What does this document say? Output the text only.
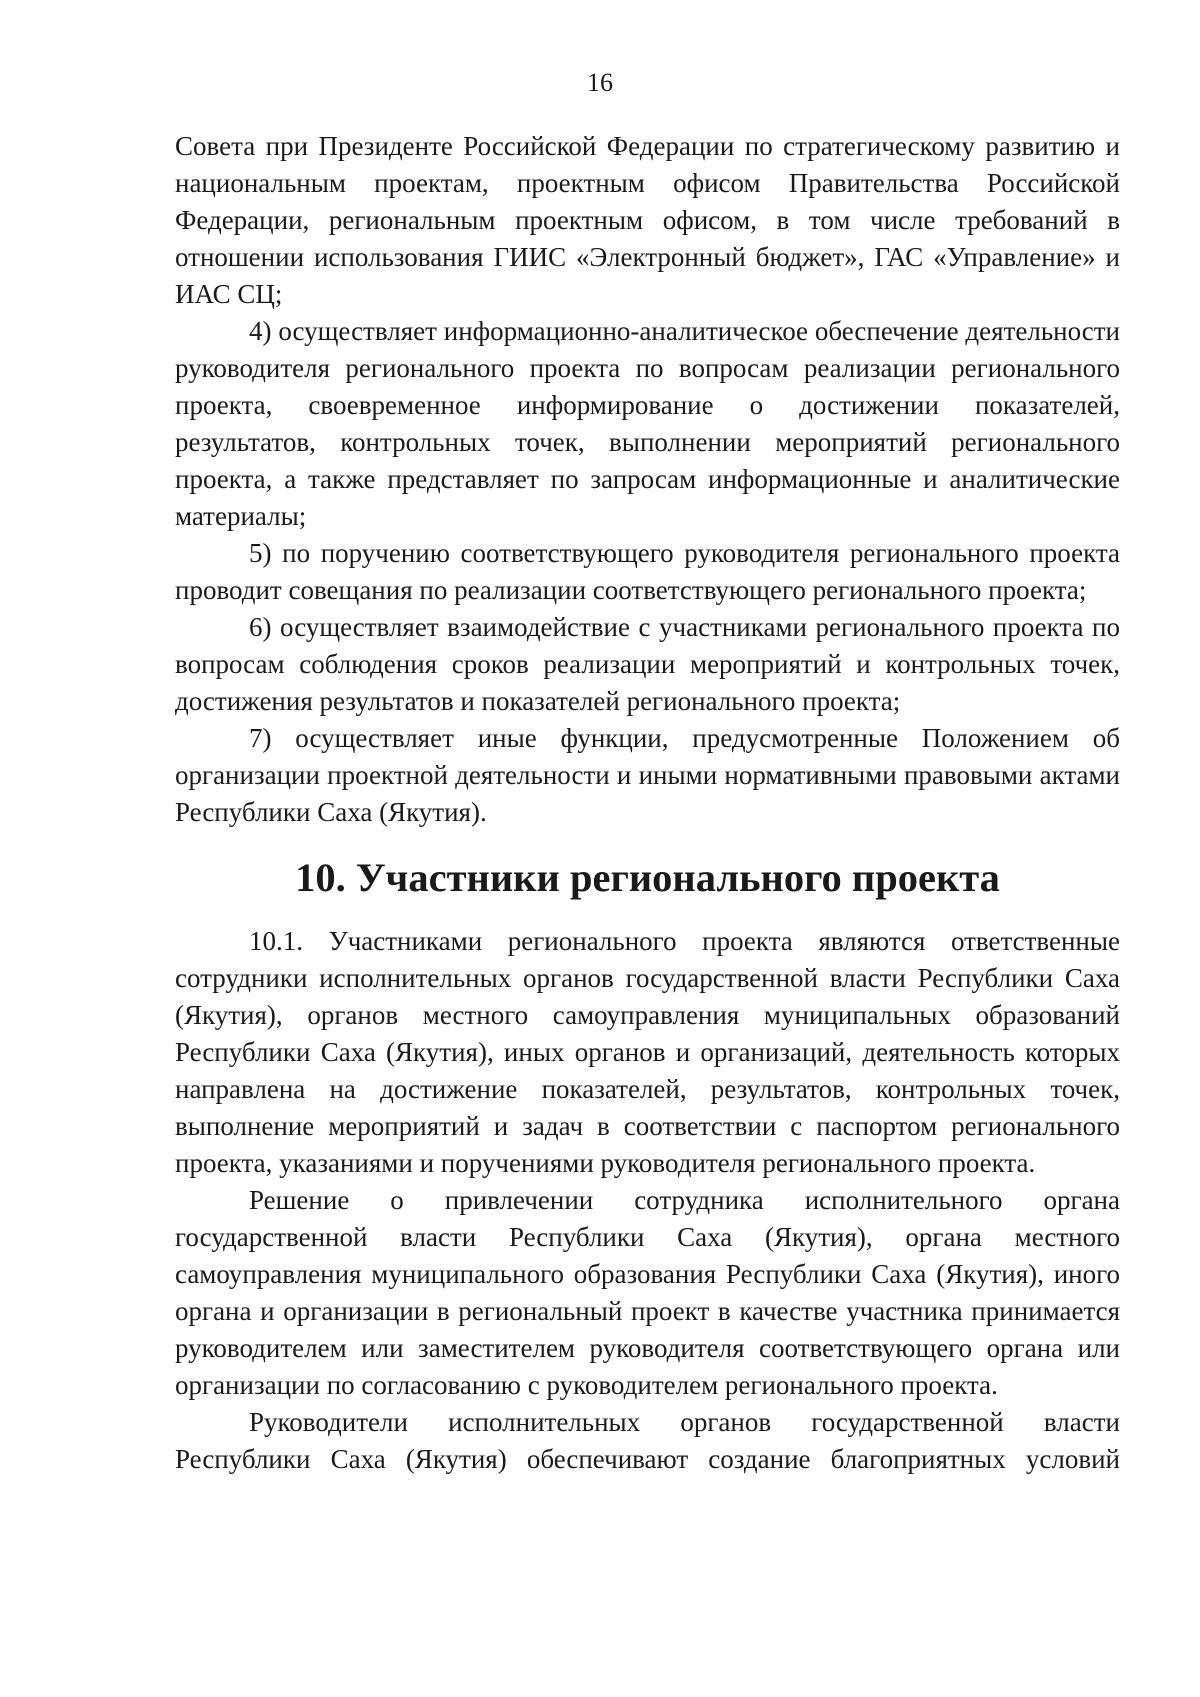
16

Совета при Президенте Российской Федерации по стратегическому развитию и национальным проектам, проектным офисом Правительства Российской Федерации, региональным проектным офисом, в том числе требований в отношении использования ГИИС «Электронный бюджет», ГАС «Управление» и ИАС СЦ;

4) осуществляет информационно-аналитическое обеспечение деятельности руководителя регионального проекта по вопросам реализации регионального проекта, своевременное информирование о достижении показателей, результатов, контрольных точек, выполнении мероприятий регионального проекта, а также представляет по запросам информационные и аналитические материалы;

5) по поручению соответствующего руководителя регионального проекта проводит совещания по реализации соответствующего регионального проекта;

6) осуществляет взаимодействие с участниками регионального проекта по вопросам соблюдения сроков реализации мероприятий и контрольных точек, достижения результатов и показателей регионального проекта;

7) осуществляет иные функции, предусмотренные Положением об организации проектной деятельности и иными нормативными правовыми актами Республики Саха (Якутия).

10. Участники регионального проекта

10.1. Участниками регионального проекта являются ответственные сотрудники исполнительных органов государственной власти Республики Саха (Якутия), органов местного самоуправления муниципальных образований Республики Саха (Якутия), иных органов и организаций, деятельность которых направлена на достижение показателей, результатов, контрольных точек, выполнение мероприятий и задач в соответствии с паспортом регионального проекта, указаниями и поручениями руководителя регионального проекта.

Решение о привлечении сотрудника исполнительного органа государственной власти Республики Саха (Якутия), органа местного самоуправления муниципального образования Республики Саха (Якутия), иного органа и организации в региональный проект в качестве участника принимается руководителем или заместителем руководителя соответствующего органа или организации по согласованию с руководителем регионального проекта.

Руководители исполнительных органов государственной власти Республики Саха (Якутия) обеспечивают создание благоприятных условий
